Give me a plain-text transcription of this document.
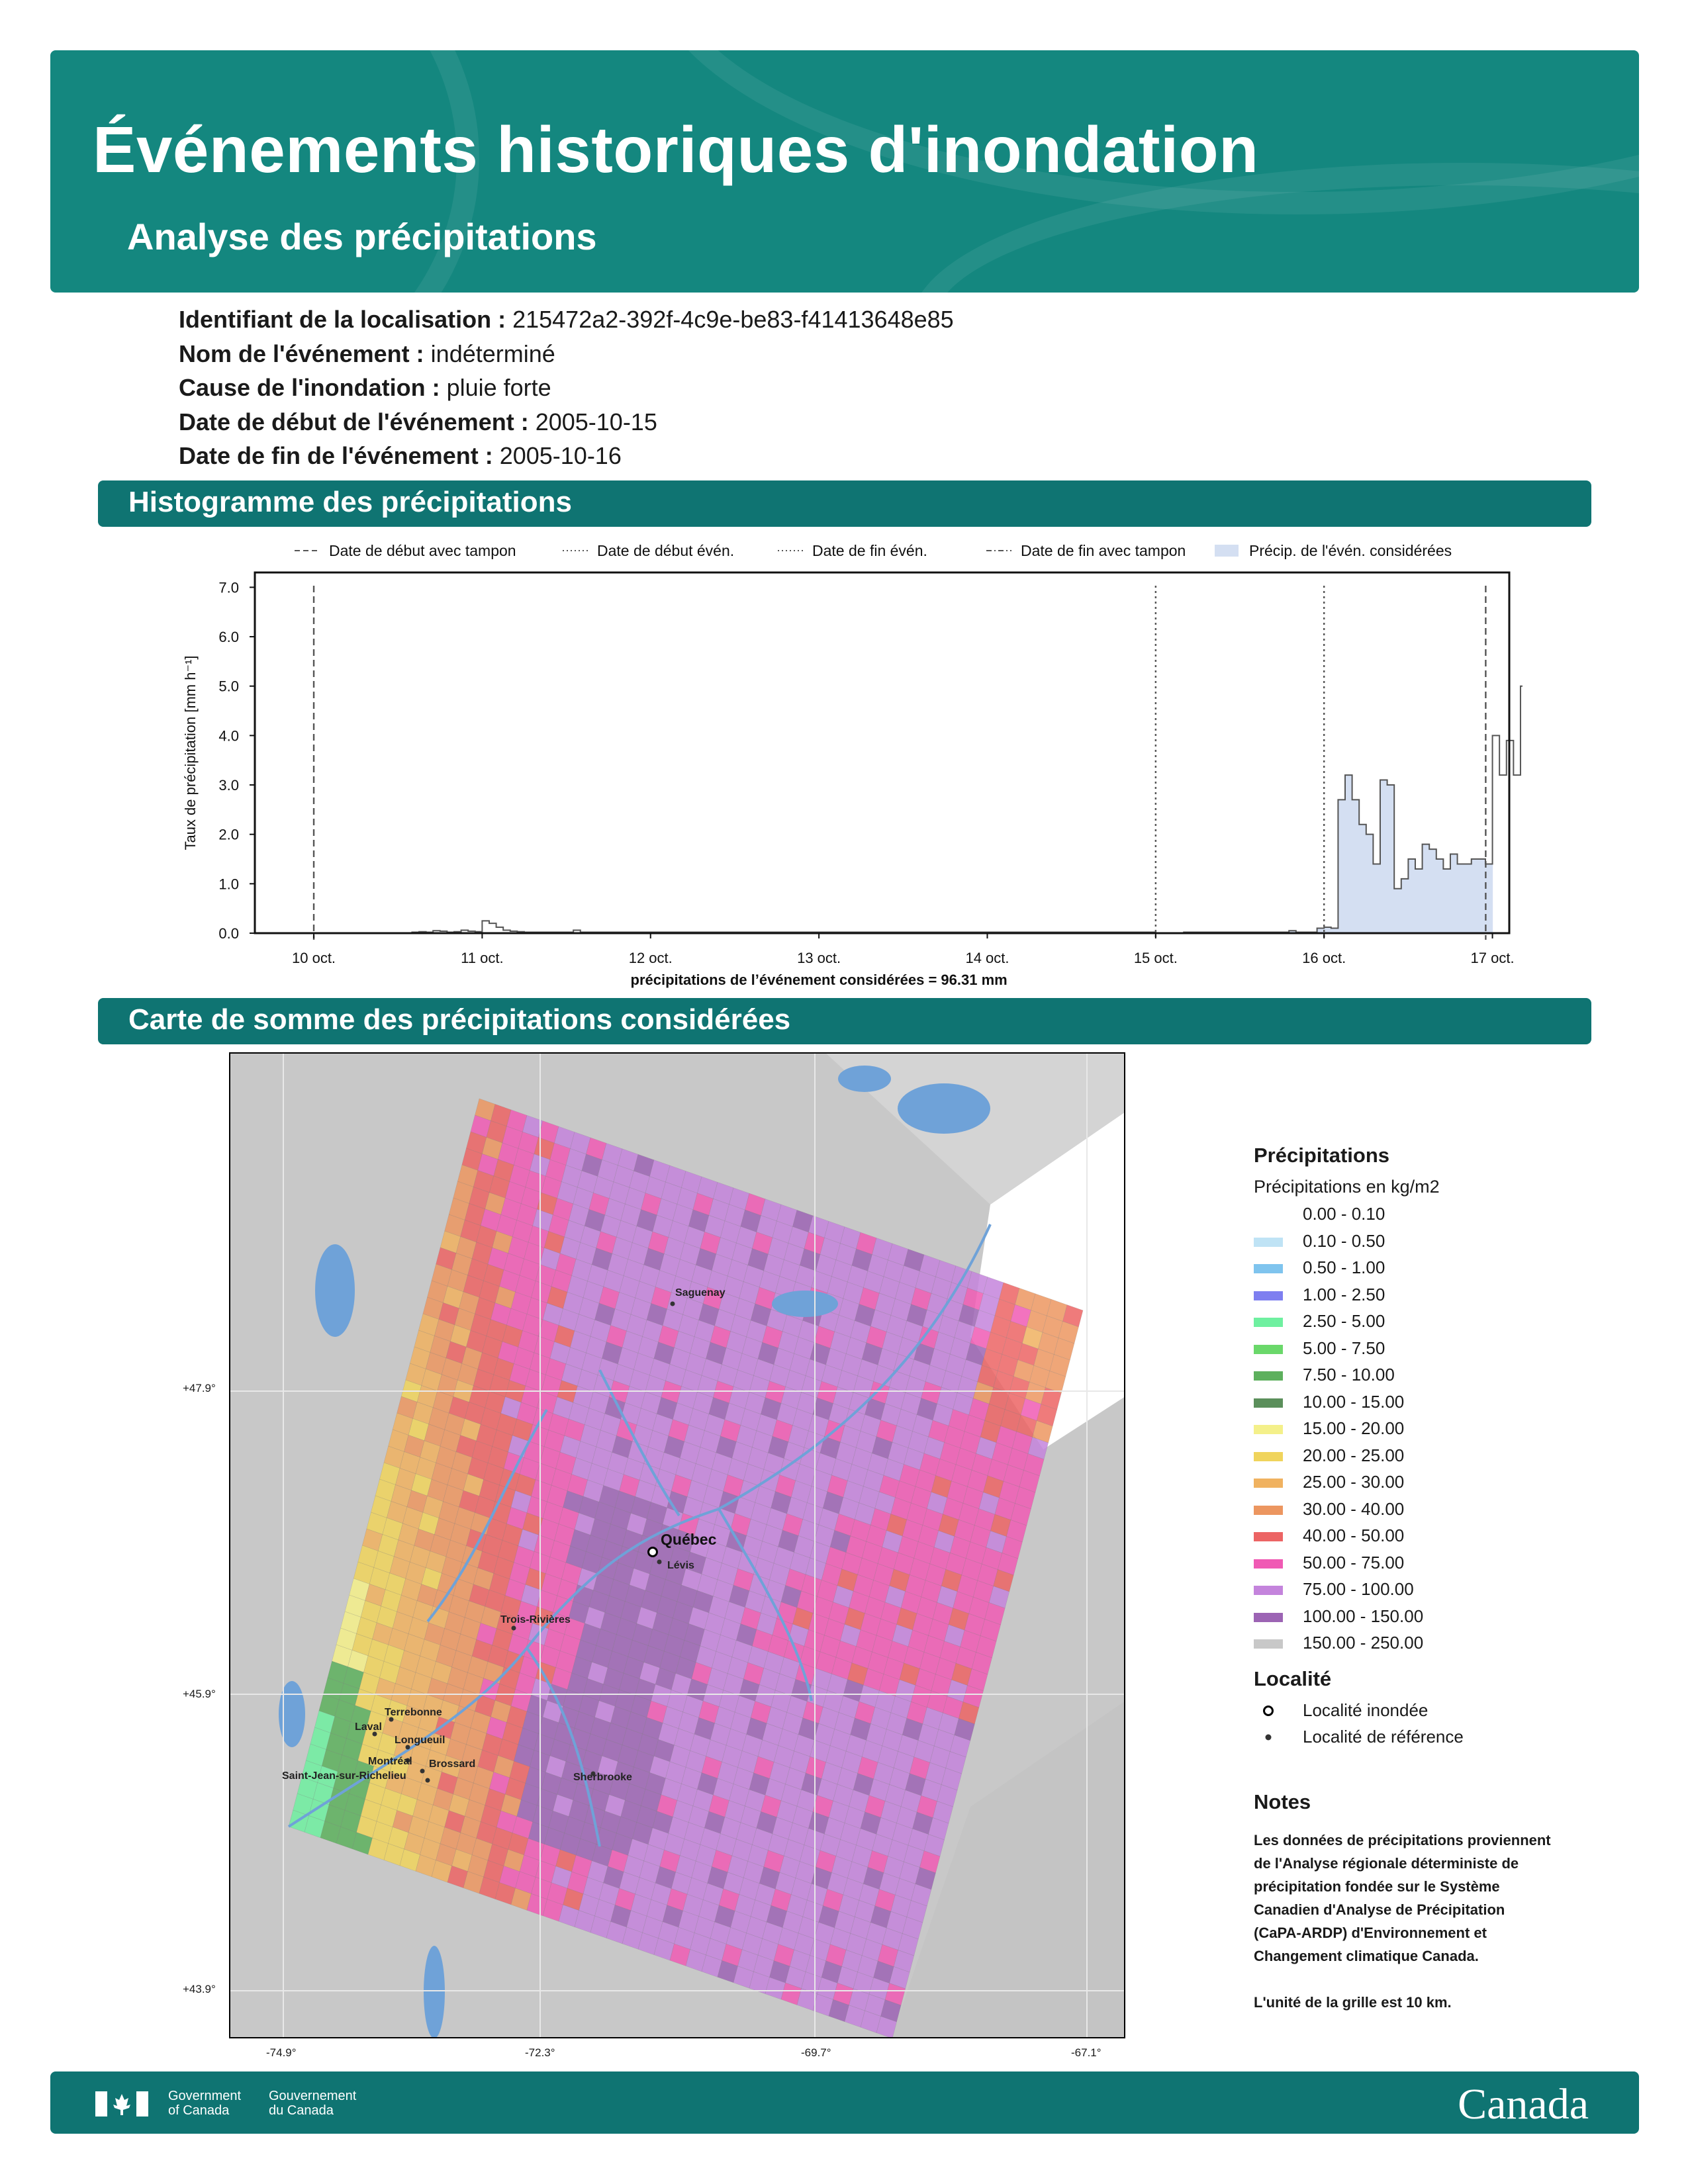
Événements historiques d'inondation
Analyse des précipitations
Identifiant de la localisation : 215472a2-392f-4c9e-be83-f41413648e85
Nom de l'événement : indéterminé
Cause de l'inondation : pluie forte
Date de début de l'événement : 2005-10-15
Date de fin de l'événement : 2005-10-16
Histogramme des précipitations
Date de début avec tampon	Date de début évén.	Date de fin évén.	Date de fin avec tampon	Précip. de l'évén. considérées
0.0
1.0
2.0
3.0
4.0
5.0
6.0
7.0
10 oct.	11 oct.	12 oct.	13 oct.	14 oct.	15 oct.	16 oct.	17 oct.
Taux de précipitation [mm h⁻¹]
précipitations de l’événement considérées = 96.31 mm
Carte de somme des précipitations considérées
Saguenay
Québec
Lévis
Trois-Rivières
Terrebonne
Laval
Longueuil
Montréal Brossard
Saint-Jean-sur-Richelieu	Sherbrooke
+47.9°
+45.9°
+43.9°
-74.9°	-72.3°	-69.7°	-67.1°
Précipitations
Précipitations en kg/m2
0.00 - 0.10
0.10 - 0.50
0.50 - 1.00
1.00 - 2.50
2.50 - 5.00
5.00 - 7.50
7.50 - 10.00
10.00 - 15.00
15.00 - 20.00
20.00 - 25.00
25.00 - 30.00
30.00 - 40.00
40.00 - 50.00
50.00 - 75.00
75.00 - 100.00
100.00 - 150.00
150.00 - 250.00
Localité
Localité inondée
Localité de référence
Notes
Les données de précipitations proviennent
de l'Analyse régionale déterministe de
précipitation fondée sur le Système
Canadien d'Analyse de Précipitation
(CaPA-ARDP) d'Environnement et
Changement climatique Canada.

L'unité de la grille est 10 km.
Government
of Canada
Gouvernement
du Canada	Canada
